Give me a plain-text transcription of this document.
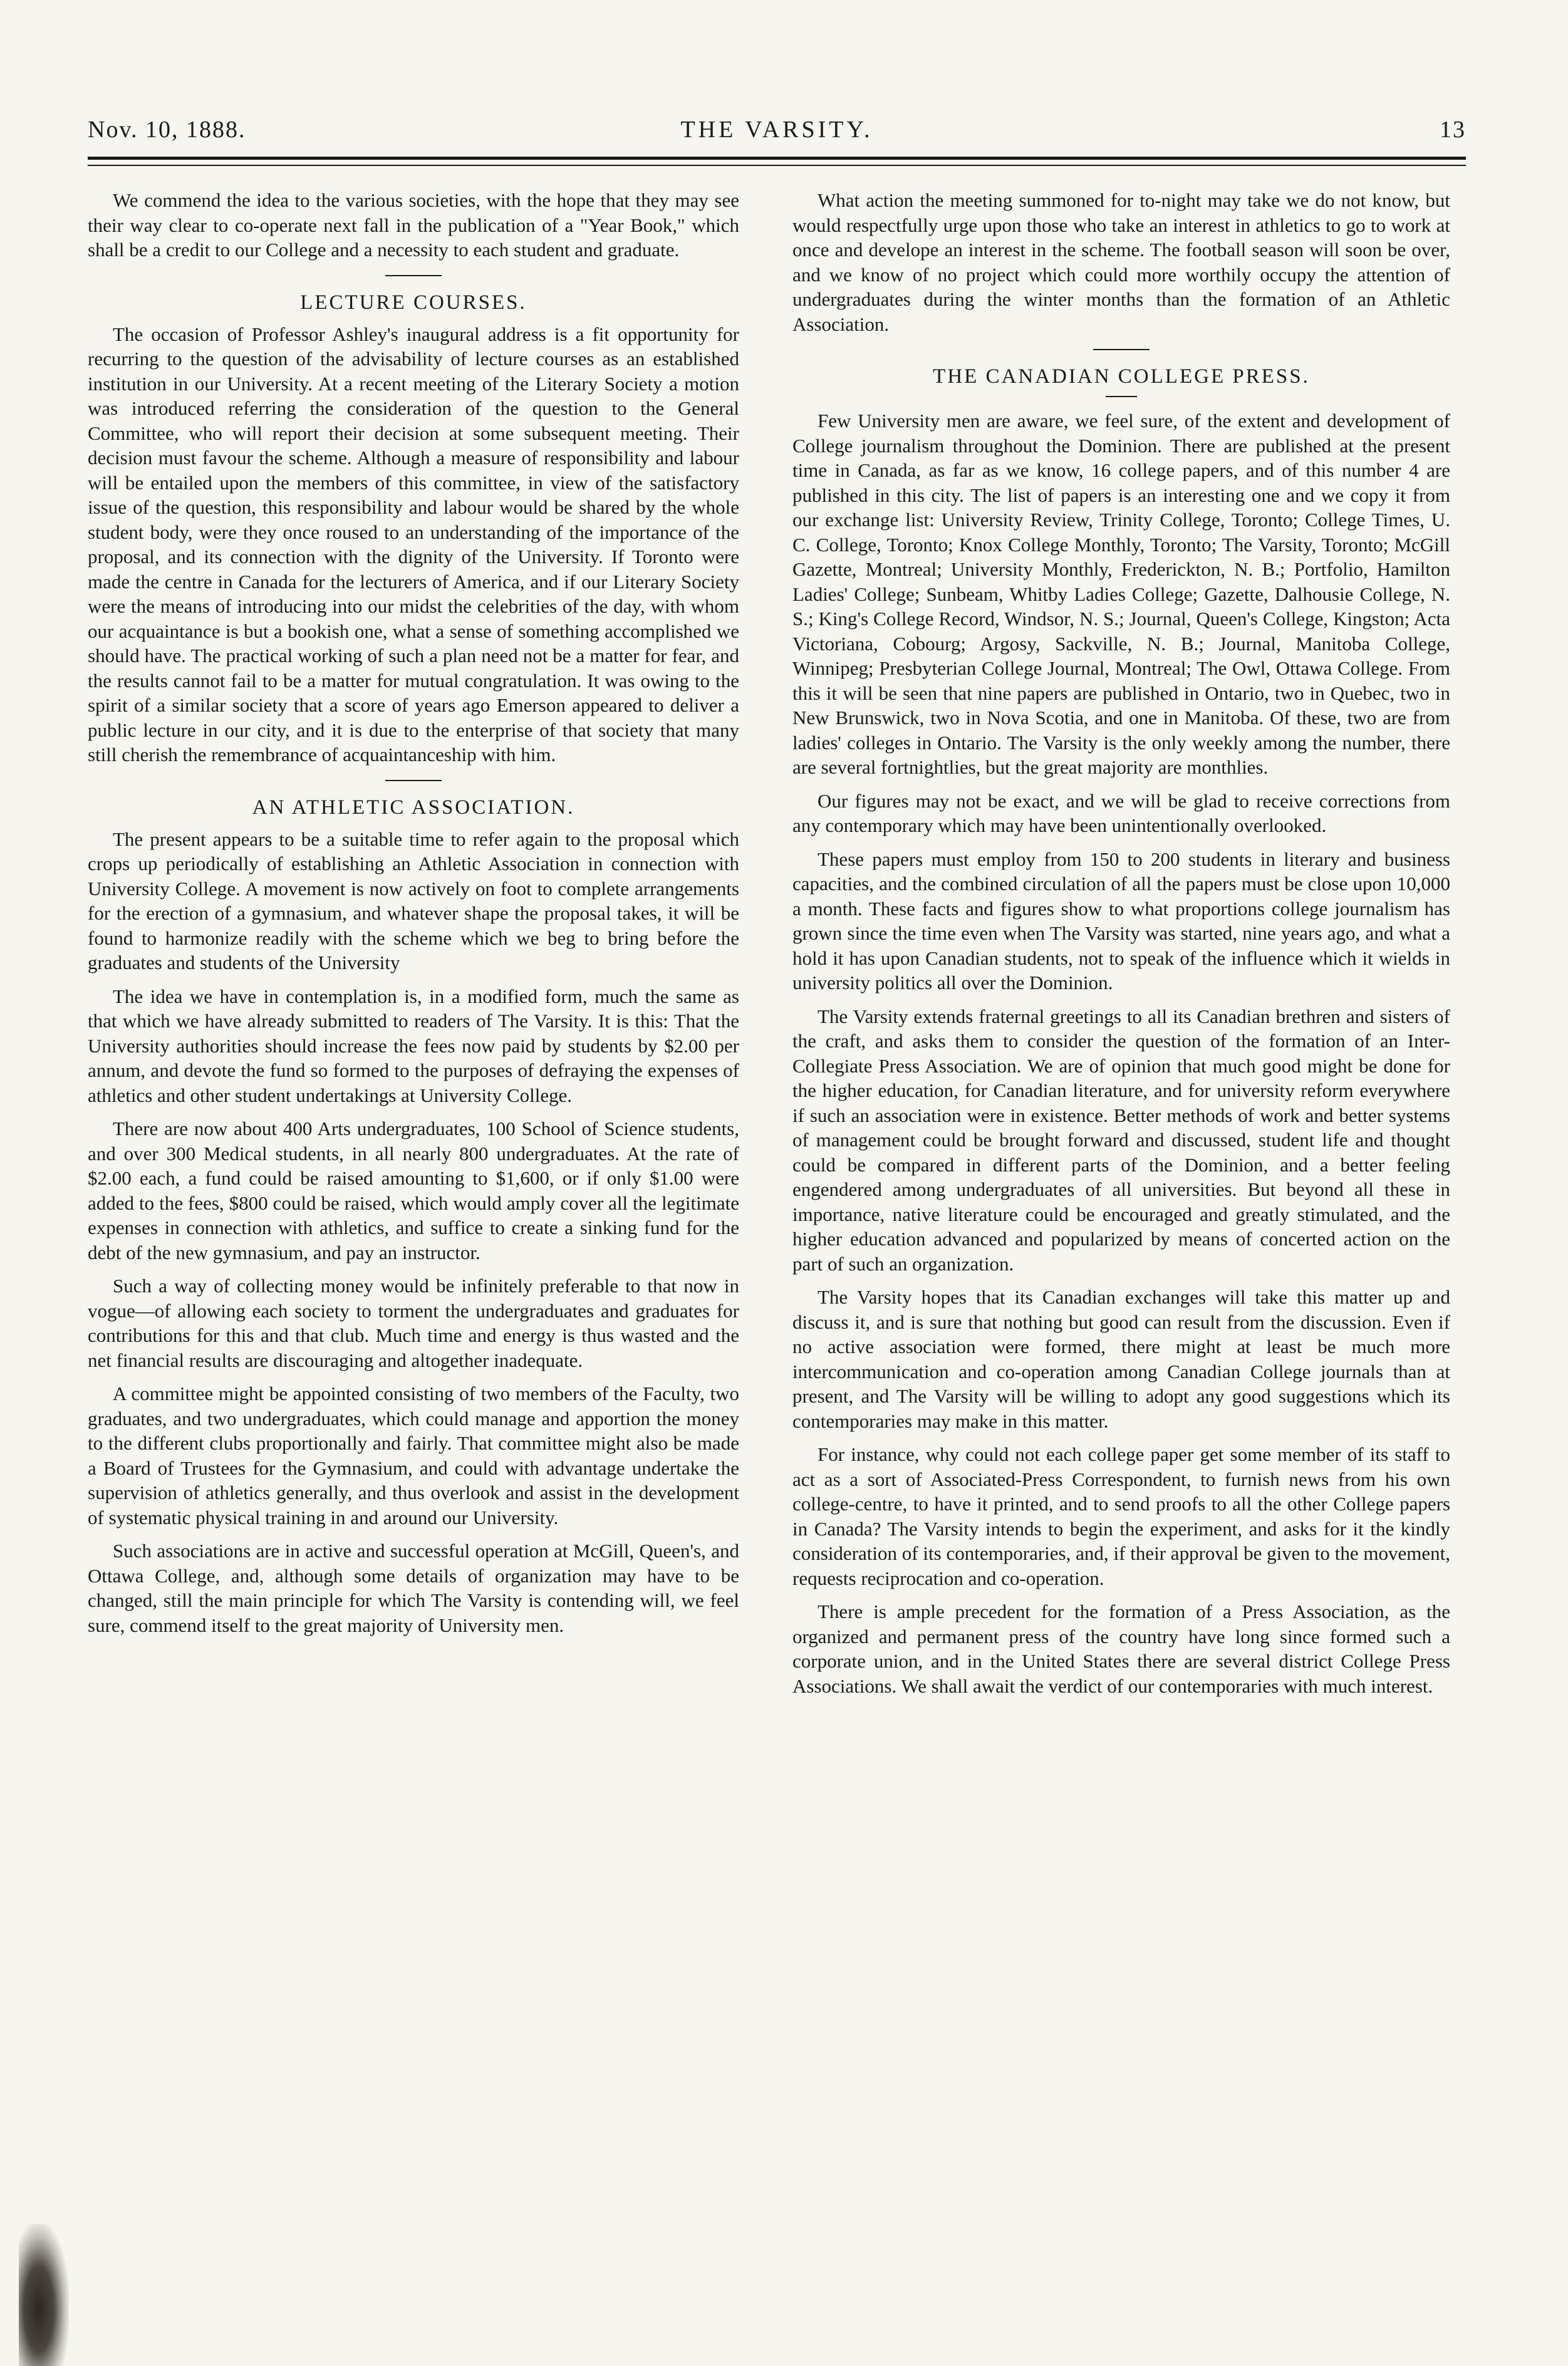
Nov. 10, 1888.	THE VARSITY.	13

We commend the idea to the various societies, with the hope that they may see their way clear to co-operate next fall in the publication of a "Year Book," which shall be a credit to our College and a necessity to each student and graduate.

LECTURE COURSES.

The occasion of Professor Ashley's inaugural address is a fit opportunity for recurring to the question of the advisability of lecture courses as an established institution in our University. At a recent meeting of the Literary Society a motion was introduced referring the consideration of the question to the General Committee, who will report their decision at some subsequent meeting. Their decision must favour the scheme. Although a measure of responsibility and labour will be entailed upon the members of this committee, in view of the satisfactory issue of the question, this responsibility and labour would be shared by the whole student body, were they once roused to an understanding of the importance of the proposal, and its connection with the dignity of the University. If Toronto were made the centre in Canada for the lecturers of America, and if our Literary Society were the means of introducing into our midst the celebrities of the day, with whom our acquaintance is but a bookish one, what a sense of something accomplished we should have. The practical working of such a plan need not be a matter for fear, and the results cannot fail to be a matter for mutual congratulation. It was owing to the spirit of a similar society that a score of years ago Emerson appeared to deliver a public lecture in our city, and it is due to the enterprise of that society that many still cherish the remembrance of acquaintanceship with him.

AN ATHLETIC ASSOCIATION.

The present appears to be a suitable time to refer again to the proposal which crops up periodically of establishing an Athletic Association in connection with University College. A movement is now actively on foot to complete arrangements for the erection of a gymnasium, and whatever shape the proposal takes, it will be found to harmonize readily with the scheme which we beg to bring before the graduates and students of the University

The idea we have in contemplation is, in a modified form, much the same as that which we have already submitted to readers of The Varsity. It is this: That the University authorities should increase the fees now paid by students by $2.00 per annum, and devote the fund so formed to the purposes of defraying the expenses of athletics and other student undertakings at University College.

There are now about 400 Arts undergraduates, 100 School of Science students, and over 300 Medical students, in all nearly 800 undergraduates. At the rate of $2.00 each, a fund could be raised amounting to $1,600, or if only $1.00 were added to the fees, $800 could be raised, which would amply cover all the legitimate expenses in connection with athletics, and suffice to create a sinking fund for the debt of the new gymnasium, and pay an instructor.

Such a way of collecting money would be infinitely preferable to that now in vogue—of allowing each society to torment the undergraduates and graduates for contributions for this and that club. Much time and energy is thus wasted and the net financial results are discouraging and altogether inadequate.

A committee might be appointed consisting of two members of the Faculty, two graduates, and two undergraduates, which could manage and apportion the money to the different clubs proportionally and fairly. That committee might also be made a Board of Trustees for the Gymnasium, and could with advantage undertake the supervision of athletics generally, and thus overlook and assist in the development of systematic physical training in and around our University.

Such associations are in active and successful operation at McGill, Queen's, and Ottawa College, and, although some details of organization may have to be changed, still the main principle for which The Varsity is contending will, we feel sure, commend itself to the great majority of University men.

What action the meeting summoned for to-night may take we do not know, but would respectfully urge upon those who take an interest in athletics to go to work at once and develope an interest in the scheme. The football season will soon be over, and we know of no project which could more worthily occupy the attention of undergraduates during the winter months than the formation of an Athletic Association.

THE CANADIAN COLLEGE PRESS.

Few University men are aware, we feel sure, of the extent and development of College journalism throughout the Dominion. There are published at the present time in Canada, as far as we know, 16 college papers, and of this number 4 are published in this city. The list of papers is an interesting one and we copy it from our exchange list: University Review, Trinity College, Toronto; College Times, U. C. College, Toronto; Knox College Monthly, Toronto; The Varsity, Toronto; McGill Gazette, Montreal; University Monthly, Frederickton, N. B.; Portfolio, Hamilton Ladies' College; Sunbeam, Whitby Ladies College; Gazette, Dalhousie College, N. S.; King's College Record, Windsor, N. S.; Journal, Queen's College, Kingston; Acta Victoriana, Cobourg; Argosy, Sackville, N. B.; Journal, Manitoba College, Winnipeg; Presbyterian College Journal, Montreal; The Owl, Ottawa College. From this it will be seen that nine papers are published in Ontario, two in Quebec, two in New Brunswick, two in Nova Scotia, and one in Manitoba. Of these, two are from ladies' colleges in Ontario. The Varsity is the only weekly among the number, there are several fortnightlies, but the great majority are monthlies.

Our figures may not be exact, and we will be glad to receive corrections from any contemporary which may have been unintentionally overlooked.

These papers must employ from 150 to 200 students in literary and business capacities, and the combined circulation of all the papers must be close upon 10,000 a month. These facts and figures show to what proportions college journalism has grown since the time even when The Varsity was started, nine years ago, and what a hold it has upon Canadian students, not to speak of the influence which it wields in university politics all over the Dominion.

The Varsity extends fraternal greetings to all its Canadian brethren and sisters of the craft, and asks them to consider the question of the formation of an Inter-Collegiate Press Association. We are of opinion that much good might be done for the higher education, for Canadian literature, and for university reform everywhere if such an association were in existence. Better methods of work and better systems of management could be brought forward and discussed, student life and thought could be compared in different parts of the Dominion, and a better feeling engendered among undergraduates of all universities. But beyond all these in importance, native literature could be encouraged and greatly stimulated, and the higher education advanced and popularized by means of concerted action on the part of such an organization.

The Varsity hopes that its Canadian exchanges will take this matter up and discuss it, and is sure that nothing but good can result from the discussion. Even if no active association were formed, there might at least be much more intercommunication and co-operation among Canadian College journals than at present, and The Varsity will be willing to adopt any good suggestions which its contemporaries may make in this matter.

For instance, why could not each college paper get some member of its staff to act as a sort of Associated-Press Correspondent, to furnish news from his own college-centre, to have it printed, and to send proofs to all the other College papers in Canada? The Varsity intends to begin the experiment, and asks for it the kindly consideration of its contemporaries, and, if their approval be given to the movement, requests reciprocation and co-operation.

There is ample precedent for the formation of a Press Association, as the organized and permanent press of the country have long since formed such a corporate union, and in the United States there are several district College Press Associations. We shall await the verdict of our contemporaries with much interest.
